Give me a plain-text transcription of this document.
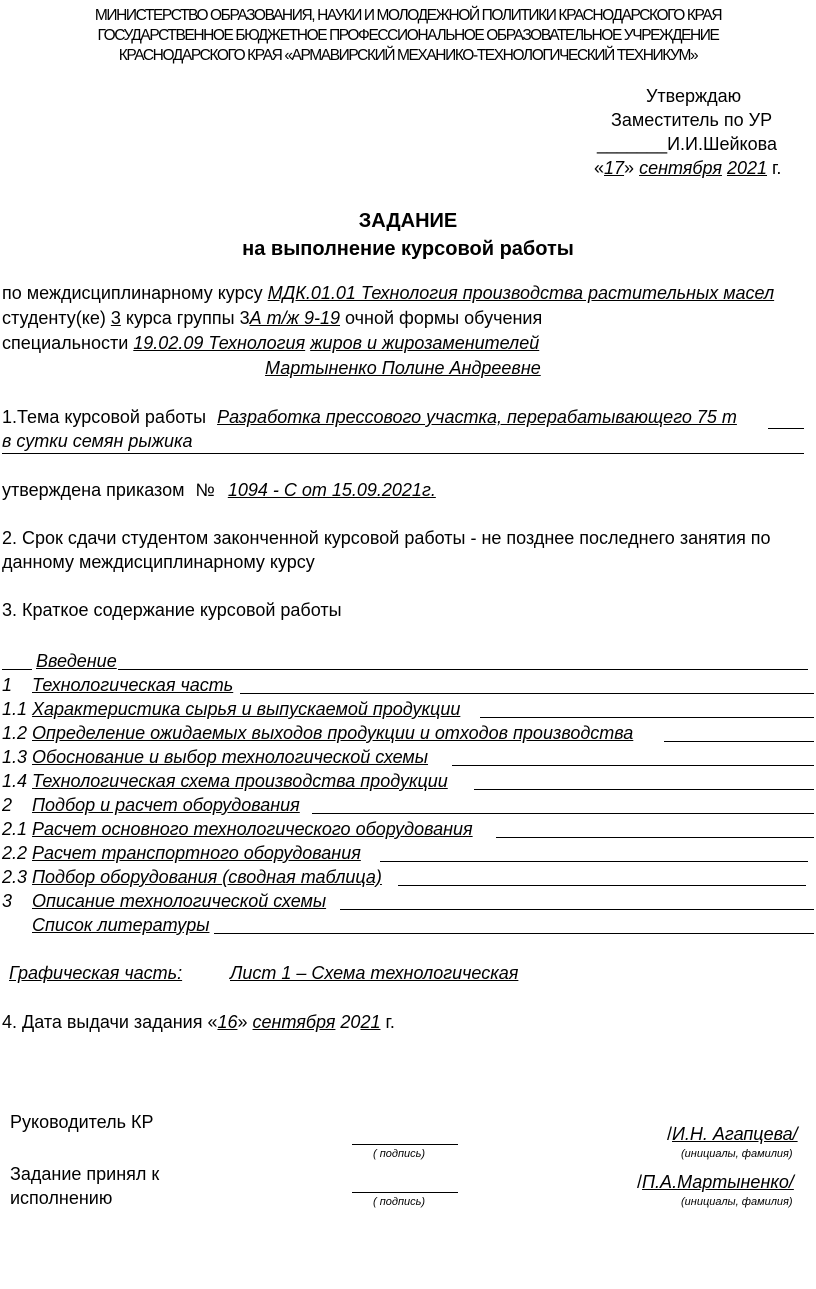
МИНИСТЕРСТВО ОБРАЗОВАНИЯ, НАУКИ И МОЛОДЕЖНОЙ ПОЛИТИКИ КРАСНОДАРСКОГО КРАЯ
ГОСУДАРСТВЕННОЕ БЮДЖЕТНОЕ ПРОФЕССИОНАЛЬНОЕ ОБРАЗОВАТЕЛЬНОЕ УЧРЕЖДЕНИЕ
КРАСНОДАРСКОГО КРАЯ «АРМАВИРСКИЙ МЕХАНИКО-ТЕХНОЛОГИЧЕСКИЙ ТЕХНИКУМ»
Утверждаю
Заместитель по УР
_______И.И.Шейкова
«17» сентября 2021 г.
ЗАДАНИЕ
на выполнение курсовой работы
по междисциплинарному курсу МДК.01.01 Технология производства растительных масел
студенту(ке) 3 курса группы 3А т/ж 9-19 очной формы обучения
специальности 19.02.09 Технология жиров и жирозаменителей
Мартыненко Полине Андреевне
1.Тема курсовой работы Разработка прессового участка, перерабатывающего 75 т
в сутки семян рыжика
утверждена приказом № 1094 - С от 15.09.2021г.
2. Срок сдачи студентом законченной курсовой работы - не позднее последнего занятия по
данному междисциплинарному курсу
3. Краткое содержание курсовой работы
Введение
1 Технологическая часть
1.1 Характеристика сырья и выпускаемой продукции
1.2 Определение ожидаемых выходов продукции и отходов производства
1.3 Обоснование и выбор технологической схемы
1.4 Технологическая схема производства продукции
2 Подбор и расчет оборудования
2.1 Расчет основного технологического оборудования
2.2 Расчет транспортного оборудования
2.3 Подбор оборудования (сводная таблица)
3 Описание технологической схемы
Список литературы
Графическая часть:	Лист 1 – Схема технологическая
4. Дата выдачи задания «16» сентября 2021 г.
Руководитель КР
( подпись)
/И.Н. Агапцева/
(инициалы, фамилия)
Задание принял к
исполнению	( подпись)
/П.А.Мартыненко/
(инициалы, фамилия)
